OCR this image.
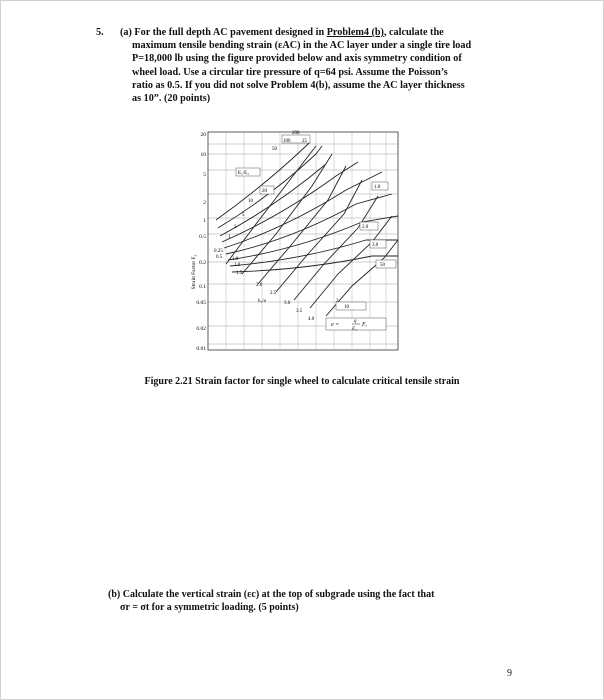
5. (a) For the full depth AC pavement designed in Problem4 (b), calculate the
maximum tensile bending strain (εAC) in the AC layer under a single tire load
P=18,000 lb using the figure provided below and axis symmetry condition of
wheel load. Use a circular tire pressure of q=64 psi. Assume the Poisson’s
ratio as 0.5. If you did not solve Problem 4(b), assume the AC layer thickness
as 10”. (20 points)
Strain Factor $F_e$
20
10
5
2
1
0.5
0.2
0.1
0.05
0.02
0.01
200
100 25
50
E₁/E₂
20
10
5
2
1
1.0
0.5
0.25
1.0
1.5
2.0
2.5
3.0
3.5
4.0
h₁/a
1.0
2.0
3.0
50
10
2
e =
q
E₁
Fₑ
Figure 2.21 Strain factor for single wheel to calculate critical tensile strain
(b) Calculate the vertical strain (εc) at the top of subgrade using the fact that
σr = σt for a symmetric loading. (5 points)
9
